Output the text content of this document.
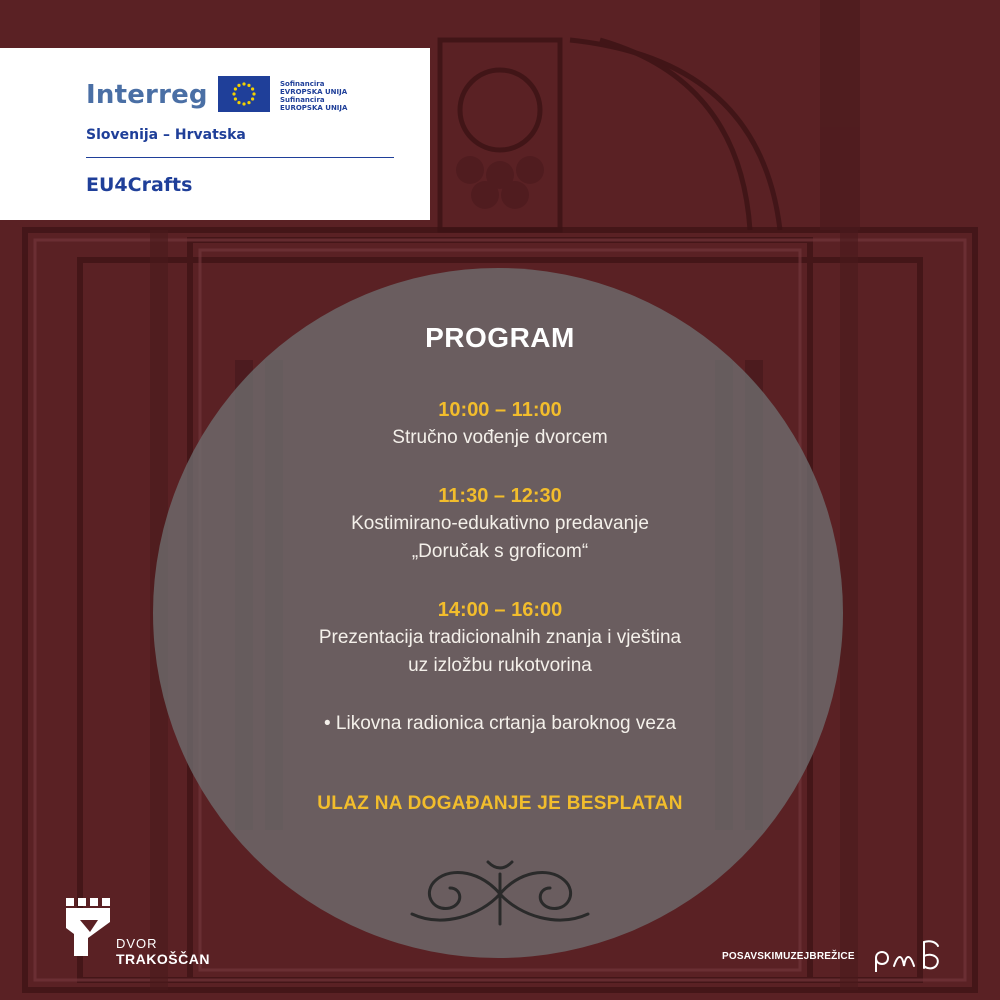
Interreg	Sofinancira
EVROPSKA UNIJA
Sufinancira
EUROPSKA UNIJA
Slovenija – Hrvatska
EU4Crafts
PROGRAM
10:00 – 11:00
Stručno vođenje dvorcem
11:30 – 12:30
Kostimirano-edukativno predavanje
„Doručak s groficom“
14:00 – 16:00
Prezentacija tradicionalnih znanja i vještina
uz izložbu rukotvorina
• Likovna radionica crtanja baroknog veza
ULAZ NA DOGAĐANJE JE BESPLATAN
DVOR
TRAKOŠČAN	POSAVSKIMUZEJBREŽICE
